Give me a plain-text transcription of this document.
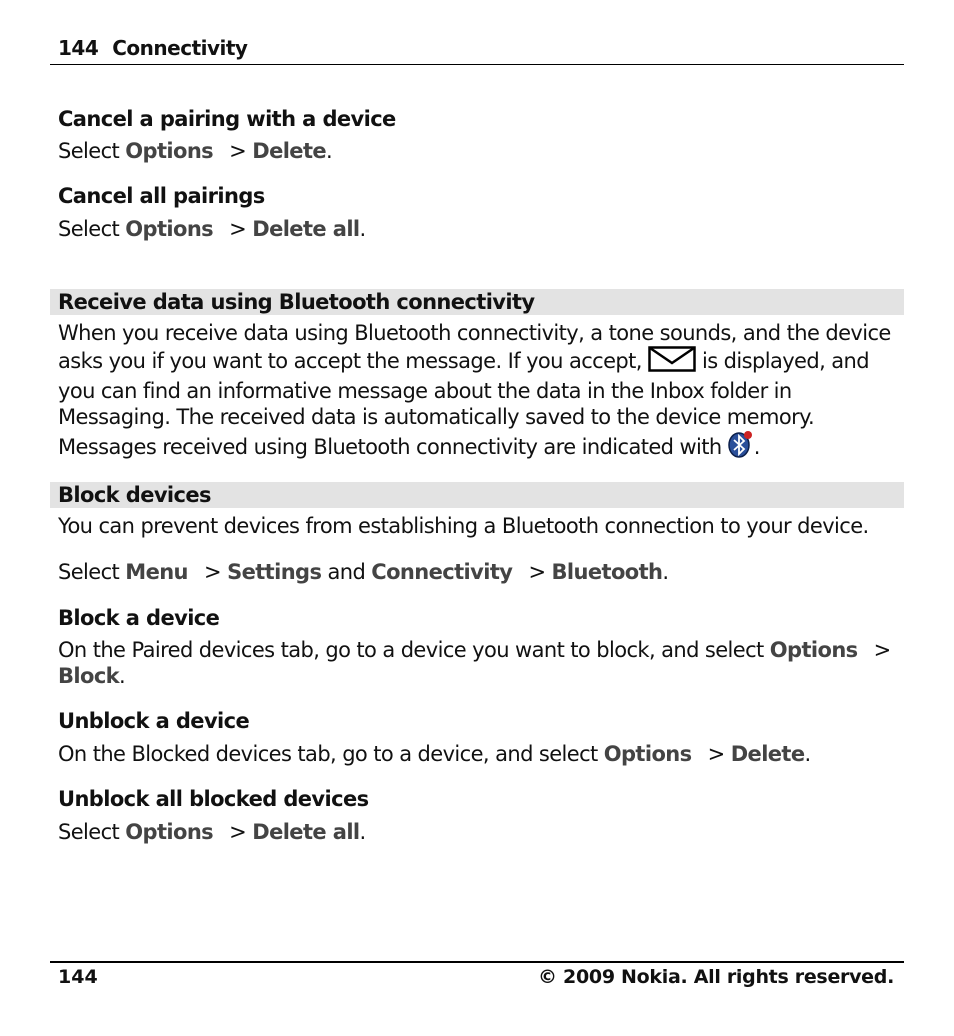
144 Connectivity
Cancel a pairing with a device
Select Options > Delete.
Cancel all pairings
Select Options > Delete all.
Receive data using Bluetooth connectivity
When you receive data using Bluetooth connectivity, a tone sounds, and the device
asks you if you want to accept the message. If you accept,	is displayed, and
you can find an informative message about the data in the Inbox folder in
Messaging. The received data is automatically saved to the device memory.
Messages received using Bluetooth connectivity are indicated with .
Block devices
You can prevent devices from establishing a Bluetooth connection to your device.
Select Menu > Settings and Connectivity > Bluetooth.
Block a device
On the Paired devices tab, go to a device you want to block, and select Options >
Block.
Unblock a device
On the Blocked devices tab, go to a device, and select Options > Delete.
Unblock all blocked devices
Select Options > Delete all.
144	© 2009 Nokia. All rights reserved.
